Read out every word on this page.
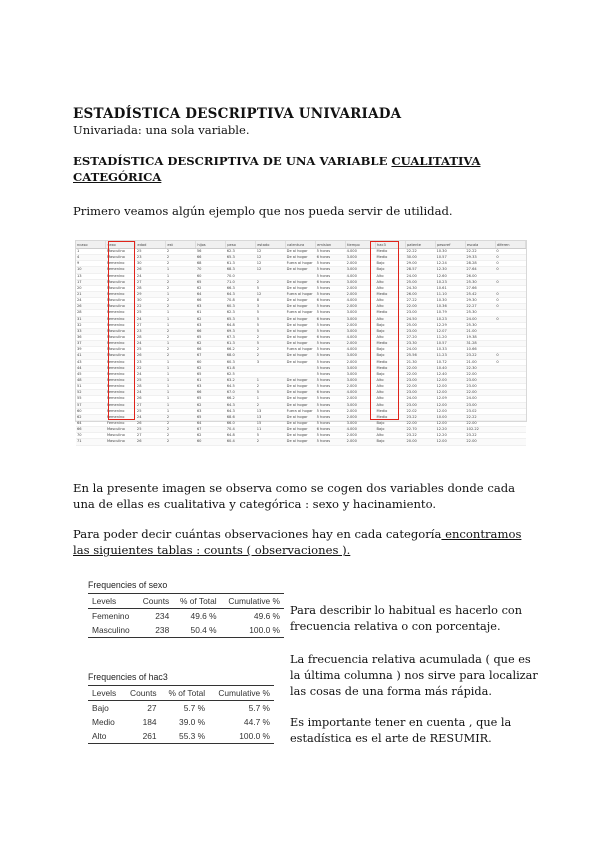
ESTADÍSTICA DESCRIPTIVA UNIVARIADA
Univariada: una sola variable.
ESTADÍSTICA DESCRIPTIVA DE UNA VARIABLE CUALITATIVA
CATEGÓRICA
Primero veamos algún ejemplo que nos pueda servir de utilidad.
ncaso	sexo	edad	est	hijos	peso	estado	calentura	emision	tiempo	hac3	patente	pesoref	escala	diferen
1	Masculino	25	2	56	62.3	12	De al hogar	5 horas	4.000	Medio	22.22	10.30	22.22	0
4	Masculino	23	2	66	65.3	12	De al hogar	6 horas	3.000	Medio	30.00	10.57	29.33	0
9	Femenino	30	2	68	61.3	12	Fuera al hogar	5 horas	2.000	Bajo	29.00	12.24	28.28	0
10	Femenino	26	1	70	68.3	12	De al hogar	5 horas	3.000	Bajo	28.57	12.30	27.64	0
13	Femenino	24	1	60	70.0			5 horas	4.000	Alto	24.00	12.60	26.00	
17	Masculino	27	2	65	71.0	2	De al hogar	6 horas	3.000	Alto	25.00	10.23	25.30	0
20	Masculino	28	2	62	66.3	5	De al hogar	5 horas	2.000	Alto	24.30	10.61	27.66	
21	Femenino	29	1	64	64.3	12	Fuera al hogar	5 horas	2.000	Medio	26.00	11.10	25.42	0
24	Masculino	30	2	66	70.8	8	De al hogar	6 horas	4.000	Alto	27.22	10.30	29.30	0
26	Masculino	22	2	63	60.3	3	De al hogar	5 horas	2.000	Alto	22.00	10.36	22.27	0
28	Femenino	25	1	61	62.3	5	Fuera al hogar	5 horas	3.000	Medio	23.00	10.79	25.30	
31	Femenino	24	1	62	65.3	5	De al hogar	6 horas	3.000	Alto	24.50	10.23	24.00	0
32	Femenino	27	1	63	64.8	5	De al hogar	5 horas	2.000	Bajo	25.00	12.29	25.30	
33	Masculino	23	2	66	69.3	5	De al hogar	5 horas	3.000	Bajo	23.00	12.07	21.00	
36	Masculino	28	2	65	67.3	2	De al hogar	6 horas	4.000	Alto	27.20	11.20	19.38	
37	Femenino	24	1	62	61.3	5	De al hogar	5 horas	2.000	Medio	23.30	10.57	31.28	
39	Masculino	25	2	66	66.2	2	Fuera al hogar	5 horas	4.000	Bajo	24.00	10.33	10.66	
41	Masculino	26	2	67	68.0	2	De al hogar	5 horas	3.000	Bajo	25.56	11.23	23.22	0
43	Femenino	23	1	60	60.3	3	De al hogar	5 horas	2.000	Medio	21.30	10.72	21.00	0
44	Femenino	22	1	62	61.8			5 horas	3.000	Medio	22.00	10.40	22.30	
45	Femenino	24	1	65	62.5			5 horas	3.000	Bajo	22.00	12.40	22.00	
48	Femenino	25	1	61	63.2	1	De al hogar	5 horas	3.000	Alto	23.00	12.00	23.00	
51	Femenino	28	1	63	64.5	2	De al hogar	5 horas	2.000	Alto	22.00	12.00	23.00	
52	Femenino	24	1	66	67.0	5	De al hogar	6 horas	4.000	Alto	23.00	12.00	22.00	
55	Femenino	26	1	65	66.2	1	De al hogar	5 horas	2.000	Alto	24.00	12.09	24.00	
57	Femenino	27	1	62	64.3	2	De al hogar	5 horas	3.000	Alto	23.00	12.00	23.00	
60	Femenino	25	1	63	64.3	13	Fuera al hogar	5 horas	2.000	Medio	22.02	12.00	23.02	
62	Femenino	24	2	65	68.6	13	De al hogar	5 horas	2.000	Medio	23.22	10.00	22.22	
64	Femenino	26	2	64	66.0	15	De al hogar	5 horas	3.000	Bajo	22.00	12.00	22.00	
66	Masculino	25	2	67	70.4	11	De al hogar	6 horas	4.000	Bajo	22.70	12.20	102.22	
70	Masculino	27	2	62	64.8	5	De al hogar	5 horas	2.000	Alto	23.22	12.20	23.22	
71	Masculino	26	2	60	60.4	2	De al hogar	5 horas	2.000	Bajo	20.00	12.00	22.00	
En la presente imagen se observa como se cogen dos variables donde cada una de ellas es cualitativa y categórica : sexo y hacinamiento.
Para poder decir cuántas observaciones hay en cada categoría encontramos las siguientes tablas : counts ( observaciones ).
Frequencies of sexo
Levels	Counts	% of Total	Cumulative %
Femenino	234	49.6 %	49.6 %
Masculino	238	50.4 %	100.0 %
Frequencies of hac3
Levels	Counts	% of Total	Cumulative %
Bajo	27	5.7 %	5.7 %
Medio	184	39.0 %	44.7 %
Alto	261	55.3 %	100.0 %
Para describir lo habitual es hacerlo con frecuencia relativa o con porcentaje.
La frecuencia relativa acumulada ( que es la última columna ) nos sirve para localizar las cosas de una forma más rápida.
Es importante tener en cuenta , que la estadística es el arte de RESUMIR.
